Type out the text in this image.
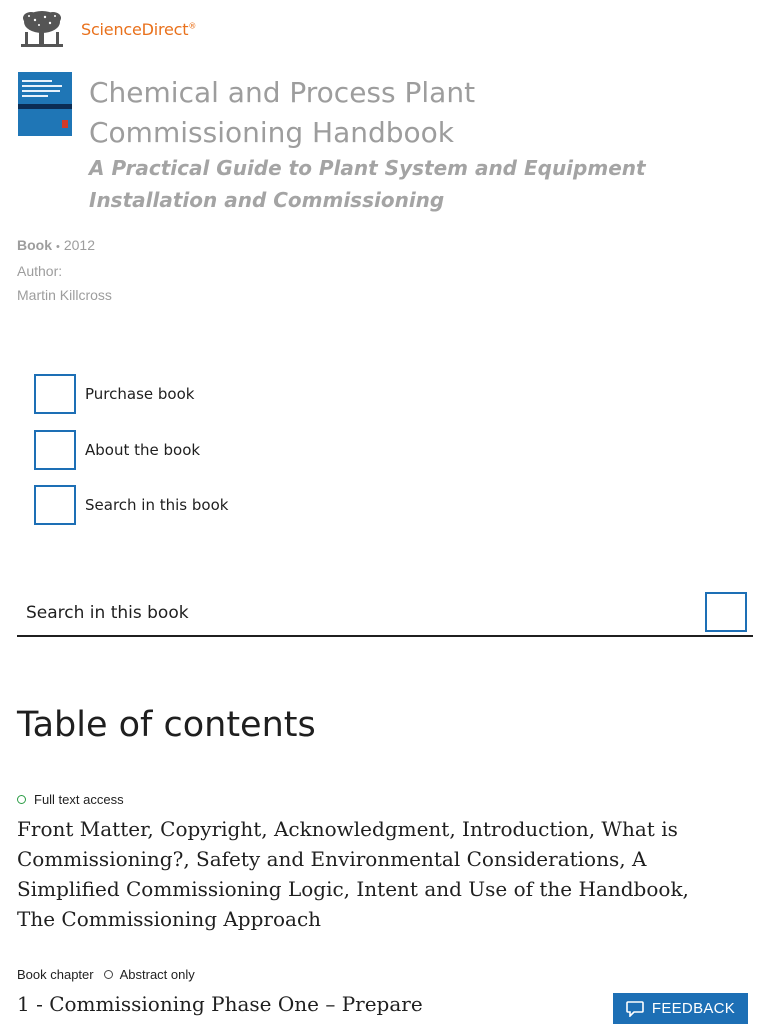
ScienceDirect®
Chemical and Process Plant Commissioning Handbook
A Practical Guide to Plant System and Equipment Installation and Commissioning
Book • 2012
Author:
Martin Killcross
Purchase book
About the book
Search in this book
Search in this book
Table of contents
Full text access
Front Matter, Copyright, Acknowledgment, Introduction, What is Commissioning?, Safety and Environmental Considerations, A Simplified Commissioning Logic, Intent and Use of the Handbook, The Commissioning Approach
Book chapter Abstract only
1 - Commissioning Phase One – Prepare	FEEDBACK
